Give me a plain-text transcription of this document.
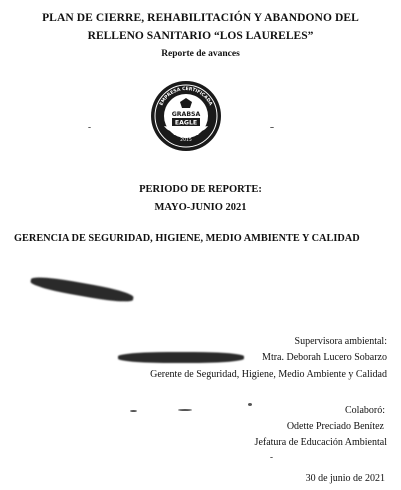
PLAN DE CIERRE, REHABILITACIÓN Y ABANDONO DEL
RELLENO SANITARIO “LOS LAURELES”
Reporte de avances
EMPRESA CERTIFICADA
GRABSA
EAGLE
ISO 9001
2015
PERIODO DE REPORTE:
MAYO-JUNIO 2021
GERENCIA DE SEGURIDAD, HIGIENE, MEDIO AMBIENTE Y CALIDAD
Supervisora ambiental:
Mtra. Deborah Lucero Sobarzo
Gerente de Seguridad, Higiene, Medio Ambiente y Calidad
Colaboró:
Odette Preciado Benítez
Jefatura de Educación Ambiental
30 de junio de 2021
